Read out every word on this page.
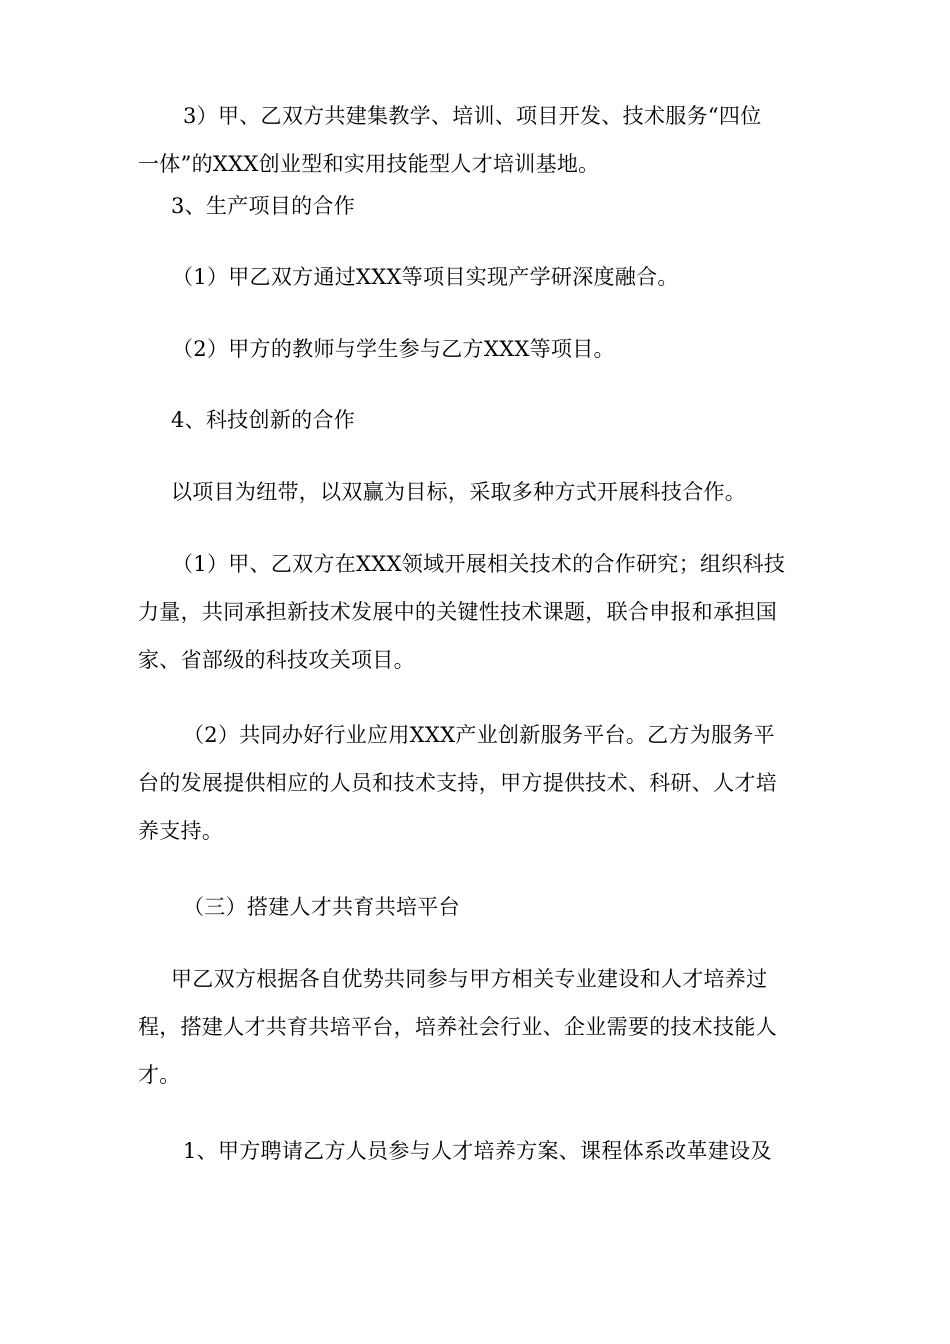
3）甲、乙双方共建集教学、培训、项目开发、技术服务“四位
一体”的XXX创业型和实用技能型人才培训基地。

3、生产项目的合作

（1）甲乙双方通过XXX等项目实现产学研深度融合。

（2）甲方的教师与学生参与乙方XXX等项目。

4、科技创新的合作

以项目为纽带，以双赢为目标，采取多种方式开展科技合作。

（1）甲、乙双方在XXX领域开展相关技术的合作研究；组织科技
力量，共同承担新技术发展中的关键性技术课题，联合申报和承担国
家、省部级的科技攻关项目。

（2）共同办好行业应用XXX产业创新服务平台。乙方为服务平
台的发展提供相应的人员和技术支持，甲方提供技术、科研、人才培
养支持。

（三）搭建人才共育共培平台

甲乙双方根据各自优势共同参与甲方相关专业建设和人才培养过
程，搭建人才共育共培平台，培养社会行业、企业需要的技术技能人
才。

1、甲方聘请乙方人员参与人才培养方案、课程体系改革建设及
